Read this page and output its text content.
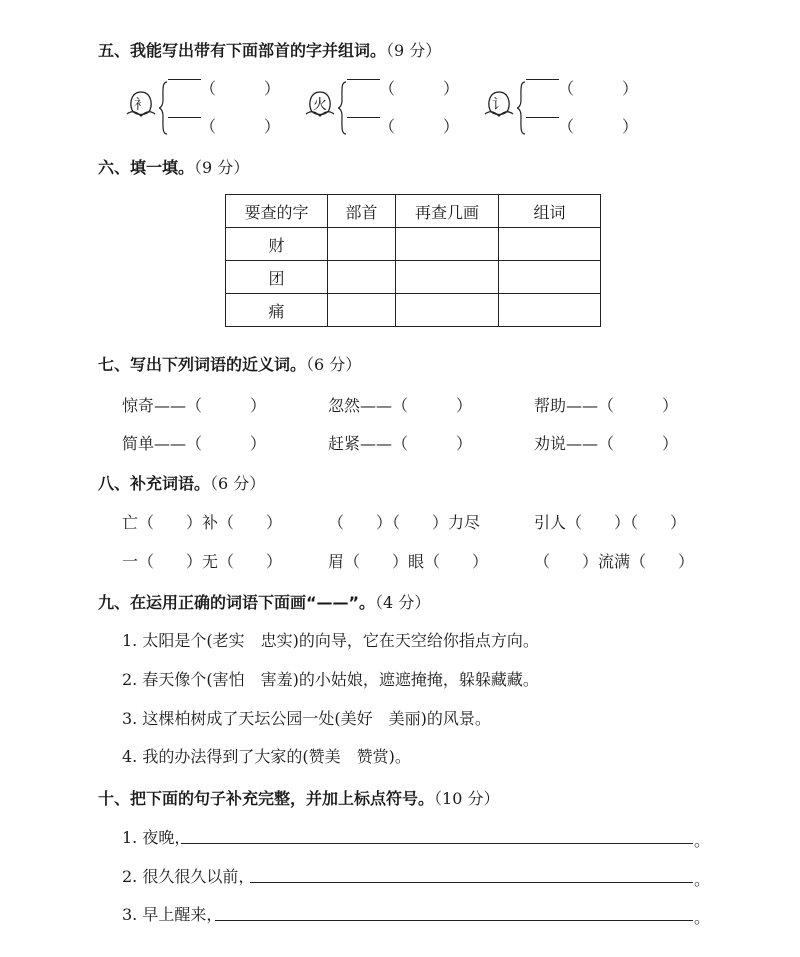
五、我能写出带有下面部首的字并组词。（9 分）
衤
（　　　）
（　　　）
火
（　　　）
（　　　）
讠
（　　　）
（　　　）
六、填一填。（9 分）
要查的字	部首	再查几画	组词
财			
团			
痛			
七、写出下列词语的近义词。（6 分）
惊奇——（　　　）	忽然——（　　　）	帮助——（　　　）
简单——（　　　）	赶紧——（　　　）	劝说——（　　　）
八、补充词语。（6 分）
亡（　　）补（　　）	（　　）（　　）力尽	引人（　　）（　　）
一（　　）无（　　）	眉（　　）眼（　　）	（　　）流满（　　）
九、在运用正确的词语下面画“——”。（4 分）
1. 太阳是个(老实　忠实)的向导，它在天空给你指点方向。
2. 春天像个(害怕　害羞)的小姑娘，遮遮掩掩，躲躲藏藏。
3. 这棵柏树成了天坛公园一处(美好　美丽)的风景。
4. 我的办法得到了大家的(赞美　赞赏)。
十、把下面的句子补充完整，并加上标点符号。（10 分）
1. 夜晚，	。
2. 很久很久以前，	。
3. 早上醒来，	。
